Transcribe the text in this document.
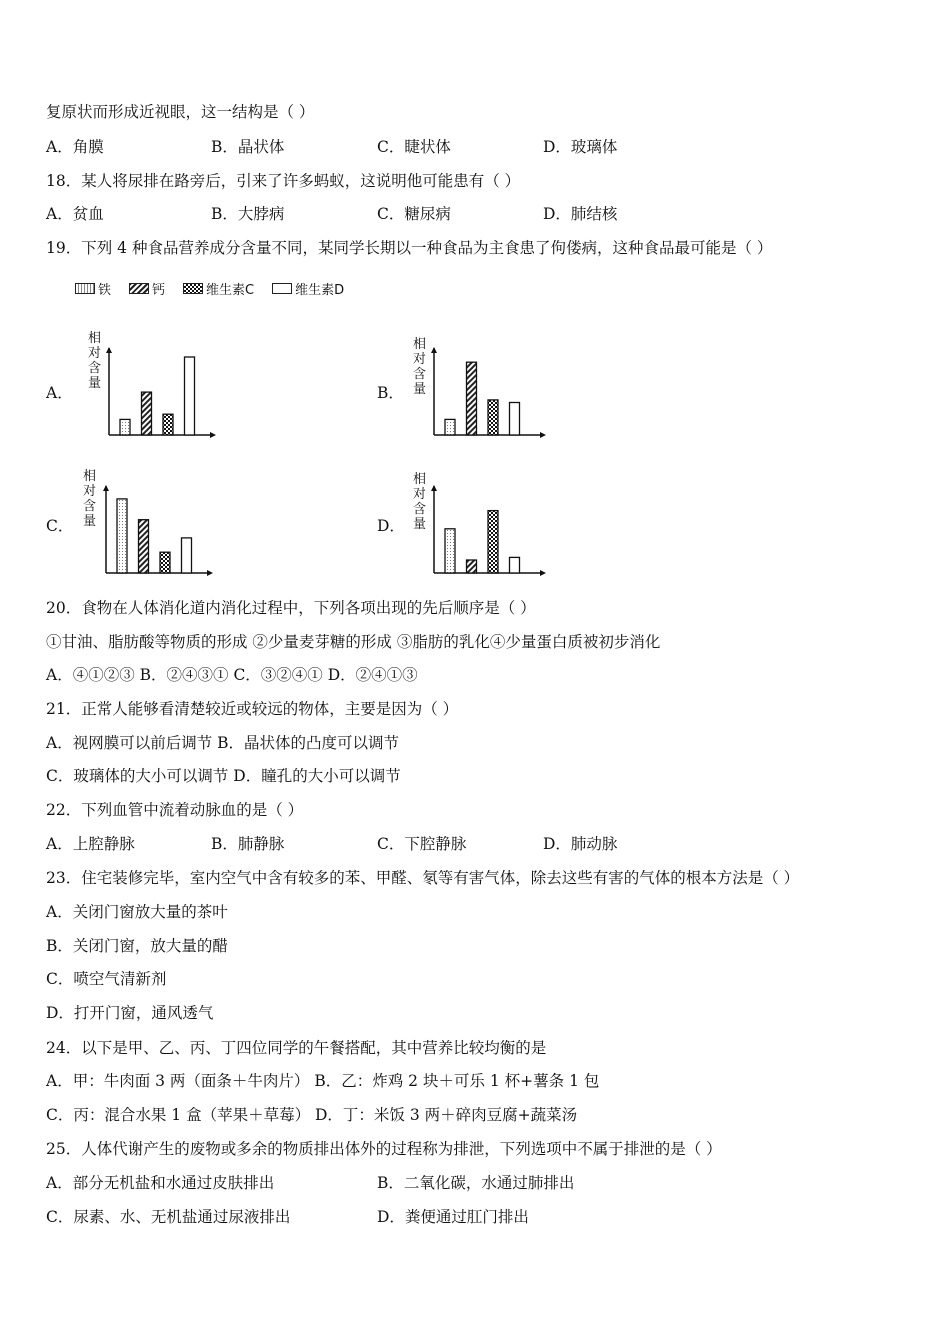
复原状而形成近视眼，这一结构是（ ）
A．角膜	B．晶状体	C．睫状体	D．玻璃体
18．某人将尿排在路旁后，引来了许多蚂蚁，这说明他可能患有（ ）
A．贫血	B．大脖病	C．糖尿病	D．肺结核
19．下列 4 种食品营养成分含量不同，某同学长期以一种食品为主食患了佝偻病，这种食品最可能是（ ）
铁	钙	维生素C	维生素D
A．	B．
C．	D．
相
对
含
量
相
对
含
量
相
对
含
量
相
对
含
量
20．食物在人体消化道内消化过程中，下列各项出现的先后顺序是（ ）
①甘油、脂肪酸等物质的形成 ②少量麦芽糖的形成 ③脂肪的乳化④少量蛋白质被初步消化
A．④①②③ B．②④③① C．③②④① D．②④①③
21．正常人能够看清楚较近或较远的物体，主要是因为（ ）
A．视网膜可以前后调节 B．晶状体的凸度可以调节
C．玻璃体的大小可以调节 D．瞳孔的大小可以调节
22．下列血管中流着动脉血的是（ ）
A．上腔静脉	B．肺静脉	C．下腔静脉	D．肺动脉
23．住宅装修完毕，室内空气中含有较多的苯、甲醛、氡等有害气体，除去这些有害的气体的根本方法是（ ）
A．关闭门窗放大量的茶叶
B．关闭门窗，放大量的醋
C．喷空气清新剂
D．打开门窗，通风透气
24．以下是甲、乙、丙、丁四位同学的午餐搭配，其中营养比较均衡的是
A．甲：牛肉面 3 两（面条＋牛肉片） B．乙：炸鸡 2 块＋可乐 1 杯+薯条 1 包
C．丙：混合水果 1 盒（苹果＋草莓） D．丁：米饭 3 两＋碎肉豆腐+蔬菜汤
25．人体代谢产生的废物或多余的物质排出体外的过程称为排泄，下列选项中不属于排泄的是（ ）
A．部分无机盐和水通过皮肤排出	B．二氧化碳，水通过肺排出
C．尿素、水、无机盐通过尿液排出	D．粪便通过肛门排出
